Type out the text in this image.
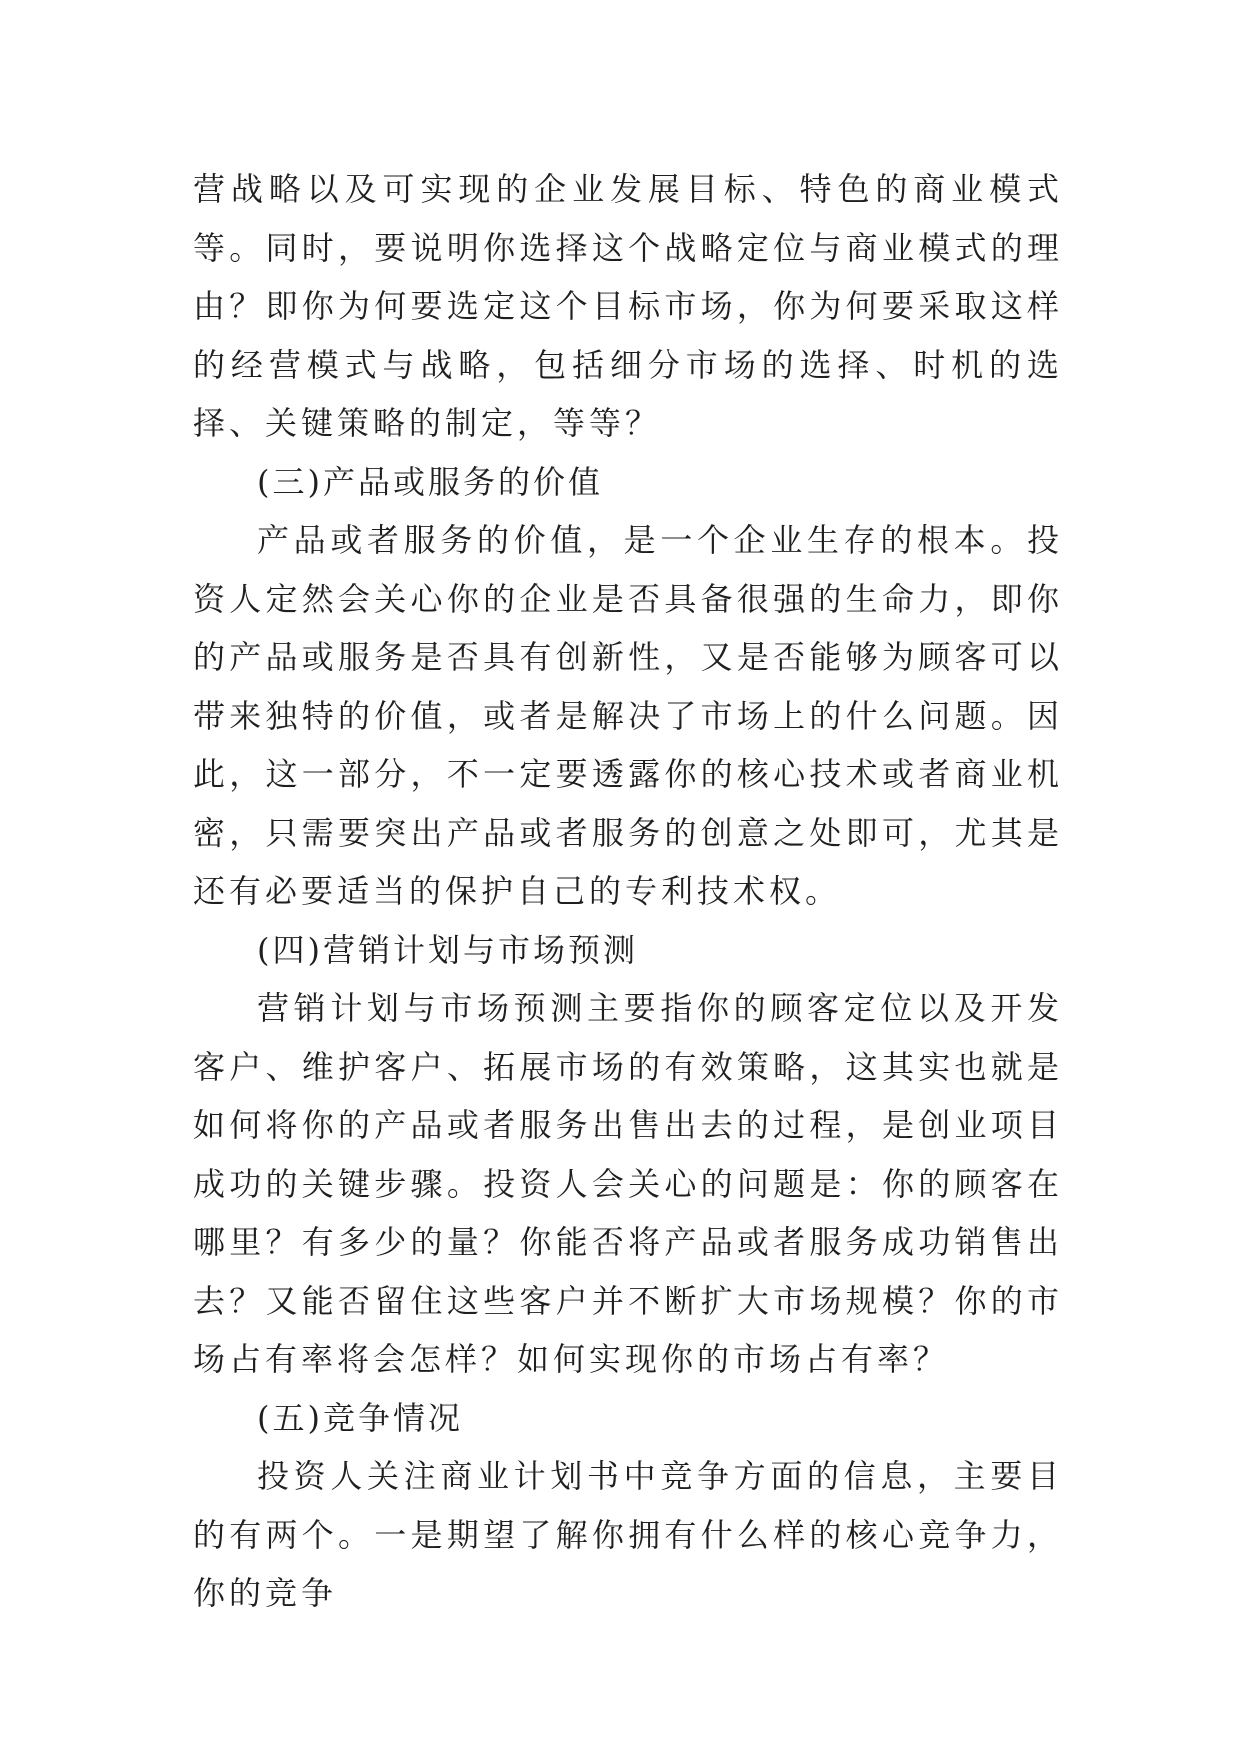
营战略以及可实现的企业发展目标、特色的商业模式等。同时，要说明你选择这个战略定位与商业模式的理由？即你为何要选定这个目标市场，你为何要采取这样的经营模式与战略，包括细分市场的选择、时机的选择、关键策略的制定，等等？

(三)产品或服务的价值

产品或者服务的价值，是一个企业生存的根本。投资人定然会关心你的企业是否具备很强的生命力，即你的产品或服务是否具有创新性，又是否能够为顾客可以带来独特的价值，或者是解决了市场上的什么问题。因此，这一部分，不一定要透露你的核心技术或者商业机密，只需要突出产品或者服务的创意之处即可，尤其是还有必要适当的保护自己的专利技术权。

(四)营销计划与市场预测

营销计划与市场预测主要指你的顾客定位以及开发客户、维护客户、拓展市场的有效策略，这其实也就是如何将你的产品或者服务出售出去的过程，是创业项目成功的关键步骤。投资人会关心的问题是：你的顾客在哪里？有多少的量？你能否将产品或者服务成功销售出去？又能否留住这些客户并不断扩大市场规模？你的市场占有率将会怎样？如何实现你的市场占有率？

(五)竞争情况

投资人关注商业计划书中竞争方面的信息，主要目的有两个。一是期望了解你拥有什么样的核心竞争力，你的竞争
